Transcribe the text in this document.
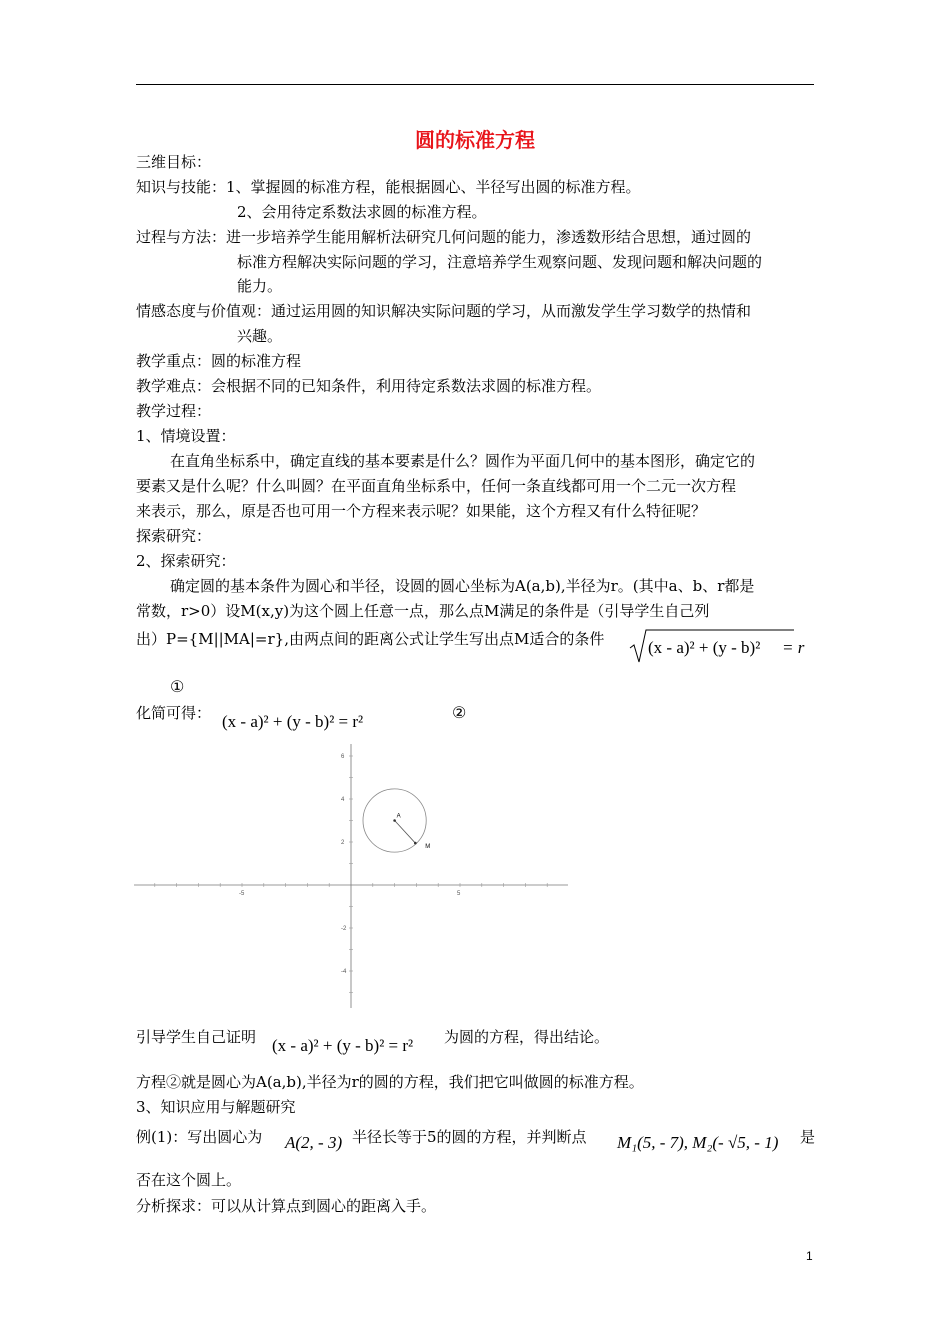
圆的标准方程
三维目标：
知识与技能：1、掌握圆的标准方程，能根据圆心、半径写出圆的标准方程。
2、会用待定系数法求圆的标准方程。
过程与方法：进一步培养学生能用解析法研究几何问题的能力，渗透数形结合思想，通过圆的
标准方程解决实际问题的学习，注意培养学生观察问题、发现问题和解决问题的
能力。
情感态度与价值观：通过运用圆的知识解决实际问题的学习，从而激发学生学习数学的热情和
兴趣。
教学重点：圆的标准方程
教学难点：会根据不同的已知条件，利用待定系数法求圆的标准方程。
教学过程：
1、情境设置：
在直角坐标系中，确定直线的基本要素是什么？圆作为平面几何中的基本图形，确定它的
要素又是什么呢？什么叫圆？在平面直角坐标系中，任何一条直线都可用一个二元一次方程
来表示，那么，原是否也可用一个方程来表示呢？如果能，这个方程又有什么特征呢？
探索研究：
2、探索研究：
确定圆的基本条件为圆心和半径，设圆的圆心坐标为A(a,b),半径为r。(其中a、b、r都是
常数，r>0）设M(x,y)为这个圆上任意一点，那么点M满足的条件是（引导学生自己列
出）P={M||MA|=r},由两点间的距离公式让学生写出点M适合的条件	(x - a)² + (y - b)² = r
①
化简可得： (x - a)² + (y - b)² = r²	②
-5	5
6
4
2
-2
-4
A
M
引导学生自己证明 (x - a)² + (y - b)² = r² 为圆的方程，得出结论。
方程②就是圆心为A(a,b),半径为r的圆的方程，我们把它叫做圆的标准方程。
3、知识应用与解题研究
例(1)：写出圆心为 A(2, - 3) 半径长等于5的圆的方程，并判断点 M₁(5, - 7), M₂(- √5, - 1) 是
否在这个圆上。
分析探求：可以从计算点到圆心的距离入手。
1
